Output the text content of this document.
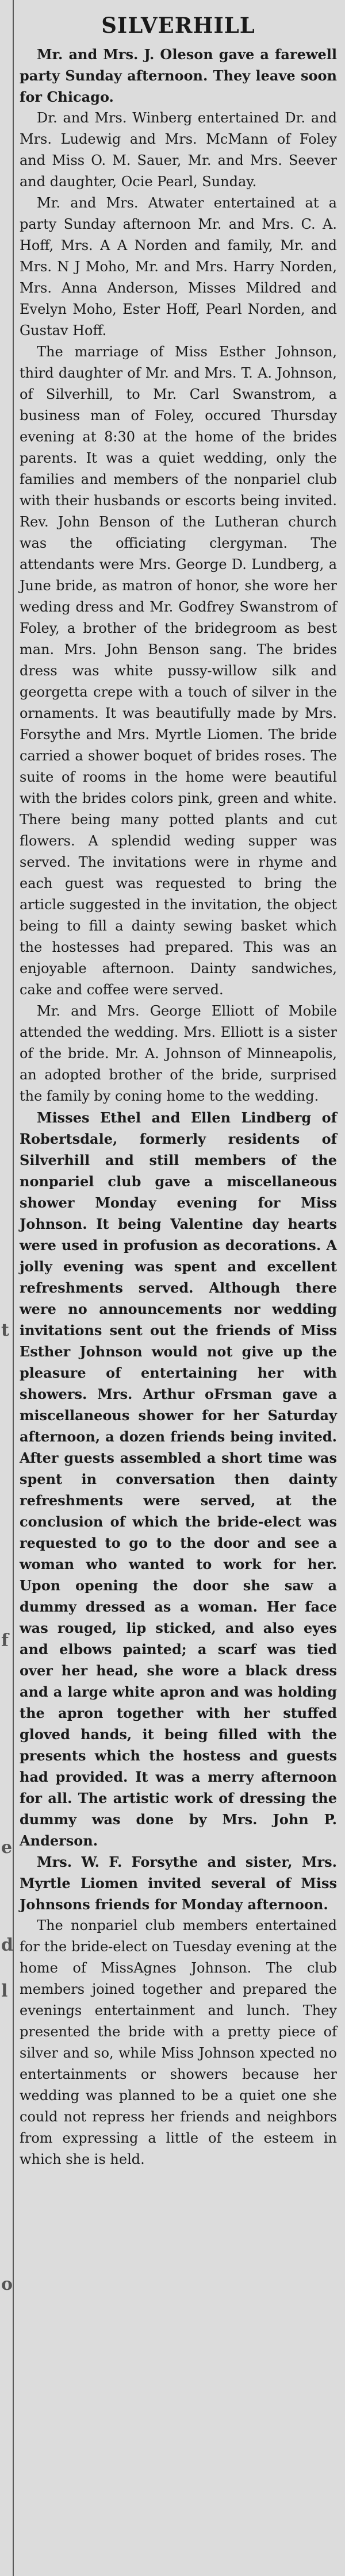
t
f
e
d
l
o
SILVERHILL

Mr. and Mrs. J. Oleson gave a farewell party Sunday afternoon. They leave soon for Chicago.

Dr. and Mrs. Winberg entertained Dr. and Mrs. Ludewig and Mrs. McMann of Foley and Miss O. M. Sauer, Mr. and Mrs. Seever and daughter, Ocie Pearl, Sunday.

Mr. and Mrs. Atwater entertained at a party Sunday afternoon Mr. and Mrs. C. A. Hoff, Mrs. A A Norden and family, Mr. and Mrs. N J Moho, Mr. and Mrs. Harry Norden, Mrs. Anna Anderson, Misses Mildred and Evelyn Moho, Ester Hoff, Pearl Norden, and Gustav Hoff.

The marriage of Miss Esther Johnson, third daughter of Mr. and Mrs. T. A. Johnson, of Silverhill, to Mr. Carl Swanstrom, a business man of Foley, occured Thursday evening at 8:30 at the home of the brides parents. It was a quiet wedding, only the families and members of the nonpariel club with their husbands or escorts being invited. Rev. John Benson of the Lutheran church was the officiating clergyman. The attendants were Mrs. George D. Lundberg, a June bride, as matron of honor, she wore her weding dress and Mr. Godfrey Swanstrom of Foley, a brother of the bridegroom as best man. Mrs. John Benson sang. The brides dress was white pussy-willow silk and georgetta crepe with a touch of silver in the ornaments. It was beautifully made by Mrs. Forsythe and Mrs. Myrtle Liomen. The bride carried a shower boquet of brides roses. The suite of rooms in the home were beautiful with the brides colors pink, green and white. There being many potted plants and cut flowers. A splendid weding supper was served. The invitations were in rhyme and each guest was requested to bring the article suggested in the invitation, the object being to fill a dainty sewing basket which the hostesses had prepared. This was an enjoyable afternoon. Dainty sandwiches, cake and coffee were served.

Mr. and Mrs. George Elliott of Mobile attended the wedding. Mrs. Elliott is a sister of the bride. Mr. A. Johnson of Minneapolis, an adopted brother of the bride, surprised the family by coning home to the wedding.

Misses Ethel and Ellen Lindberg of Robertsdale, formerly residents of Silverhill and still members of the nonpariel club gave a miscellaneous shower Monday evening for Miss Johnson. It being Valentine day hearts were used in profusion as decorations. A jolly evening was spent and excellent refreshments served. Although there were no announcements nor wedding invitations sent out the friends of Miss Esther Johnson would not give up the pleasure of entertaining her with showers. Mrs. Arthur oFrsman gave a miscellaneous shower for her Saturday afternoon, a dozen friends being invited. After guests assembled a short time was spent in conversation then dainty refreshments were served, at the conclusion of which the bride-elect was requested to go to the door and see a woman who wanted to work for her. Upon opening the door she saw a dummy dressed as a woman. Her face was rouged, lip sticked, and also eyes and elbows painted; a scarf was tied over her head, she wore a black dress and a large white apron and was holding the apron together with her stuffed gloved hands, it being filled with the presents which the hostess and guests had provided. It was a merry afternoon for all. The artistic work of dressing the dummy was done by Mrs. John P. Anderson.

Mrs. W. F. Forsythe and sister, Mrs. Myrtle Liomen invited several of Miss Johnsons friends for Monday afternoon.

The nonpariel club members entertained for the bride-elect on Tuesday evening at the home of MissAgnes Johnson. The club members joined together and prepared the evenings entertainment and lunch. They presented the bride with a pretty piece of silver and so, while Miss Johnson xpected no entertainments or showers because her wedding was planned to be a quiet one she could not repress her friends and neighbors from expressing a little of the esteem in which she is held.
